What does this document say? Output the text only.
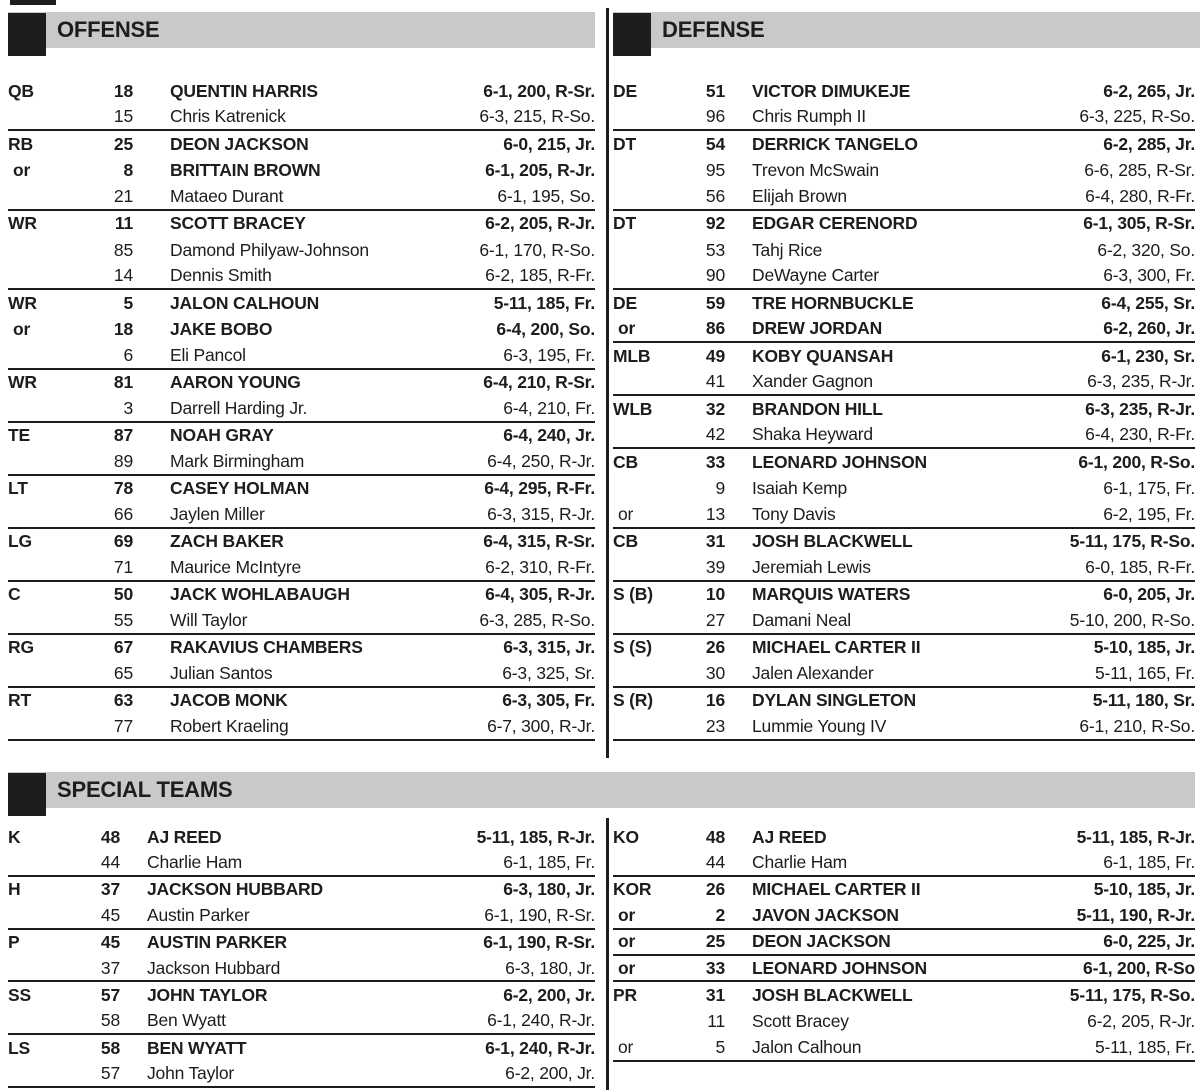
OFFENSE	DEFENSE
QB	18	QUENTIN HARRIS	6-1, 200, R-Sr.
15	Chris Katrenick	6-3, 215, R-So.
RB	25	DEON JACKSON	6-0, 215, Jr.
or	8	BRITTAIN BROWN	6-1, 205, R-Jr.
21	Mataeo Durant	6-1, 195, So.
WR	11	SCOTT BRACEY	6-2, 205, R-Jr.
85	Damond Philyaw-Johnson	6-1, 170, R-So.
14	Dennis Smith	6-2, 185, R-Fr.
WR	5	JALON CALHOUN	5-11, 185, Fr.
or	18	JAKE BOBO	6-4, 200, So.
6	Eli Pancol	6-3, 195, Fr.
WR	81	AARON YOUNG	6-4, 210, R-Sr.
3	Darrell Harding Jr.	6-4, 210, Fr.
TE	87	NOAH GRAY	6-4, 240, Jr.
89	Mark Birmingham	6-4, 250, R-Jr.
LT	78	CASEY HOLMAN	6-4, 295, R-Fr.
66	Jaylen Miller	6-3, 315, R-Jr.
LG	69	ZACH BAKER	6-4, 315, R-Sr.
71	Maurice McIntyre	6-2, 310, R-Fr.
C	50	JACK WOHLABAUGH	6-4, 305, R-Jr.
55	Will Taylor	6-3, 285, R-So.
RG	67	RAKAVIUS CHAMBERS	6-3, 315, Jr.
65	Julian Santos	6-3, 325, Sr.
RT	63	JACOB MONK	6-3, 305, Fr.
77	Robert Kraeling	6-7, 300, R-Jr.
DE	51	VICTOR DIMUKEJE	6-2, 265, Jr.
96	Chris Rumph II	6-3, 225, R-So.
DT	54	DERRICK TANGELO	6-2, 285, Jr.
95	Trevon McSwain	6-6, 285, R-Sr.
56	Elijah Brown	6-4, 280, R-Fr.
DT	92	EDGAR CERENORD	6-1, 305, R-Sr.
53	Tahj Rice	6-2, 320, So.
90	DeWayne Carter	6-3, 300, Fr.
DE	59	TRE HORNBUCKLE	6-4, 255, Sr.
or	86	DREW JORDAN	6-2, 260, Jr.
MLB	49	KOBY QUANSAH	6-1, 230, Sr.
41	Xander Gagnon	6-3, 235, R-Jr.
WLB	32	BRANDON HILL	6-3, 235, R-Jr.
42	Shaka Heyward	6-4, 230, R-Fr.
CB	33	LEONARD JOHNSON	6-1, 200, R-So.
9	Isaiah Kemp	6-1, 175, Fr.
or	13	Tony Davis	6-2, 195, Fr.
CB	31	JOSH BLACKWELL	5-11, 175, R-So.
39	Jeremiah Lewis	6-0, 185, R-Fr.
S (B)	10	MARQUIS WATERS	6-0, 205, Jr.
27	Damani Neal	5-10, 200, R-So.
S (S)	26	MICHAEL CARTER II	5-10, 185, Jr.
30	Jalen Alexander	5-11, 165, Fr.
S (R)	16	DYLAN SINGLETON	5-11, 180, Sr.
23	Lummie Young IV	6-1, 210, R-So.
SPECIAL TEAMS
K	48	AJ REED	5-11, 185, R-Jr.
44	Charlie Ham	6-1, 185, Fr.
H	37	JACKSON HUBBARD	6-3, 180, Jr.
45	Austin Parker	6-1, 190, R-Sr.
P	45	AUSTIN PARKER	6-1, 190, R-Sr.
37	Jackson Hubbard	6-3, 180, Jr.
SS	57	JOHN TAYLOR	6-2, 200, Jr.
58	Ben Wyatt	6-1, 240, R-Jr.
LS	58	BEN WYATT	6-1, 240, R-Jr.
57	John Taylor	6-2, 200, Jr.
KO	48	AJ REED	5-11, 185, R-Jr.
44	Charlie Ham	6-1, 185, Fr.
KOR	26	MICHAEL CARTER II	5-10, 185, Jr.
or	2	JAVON JACKSON	5-11, 190, R-Jr.
or	25	DEON JACKSON	6-0, 225, Jr.
or	33	LEONARD JOHNSON	6-1, 200, R-So
PR	31	JOSH BLACKWELL	5-11, 175, R-So.
11	Scott Bracey	6-2, 205, R-Jr.
or	5	Jalon Calhoun	5-11, 185, Fr.
